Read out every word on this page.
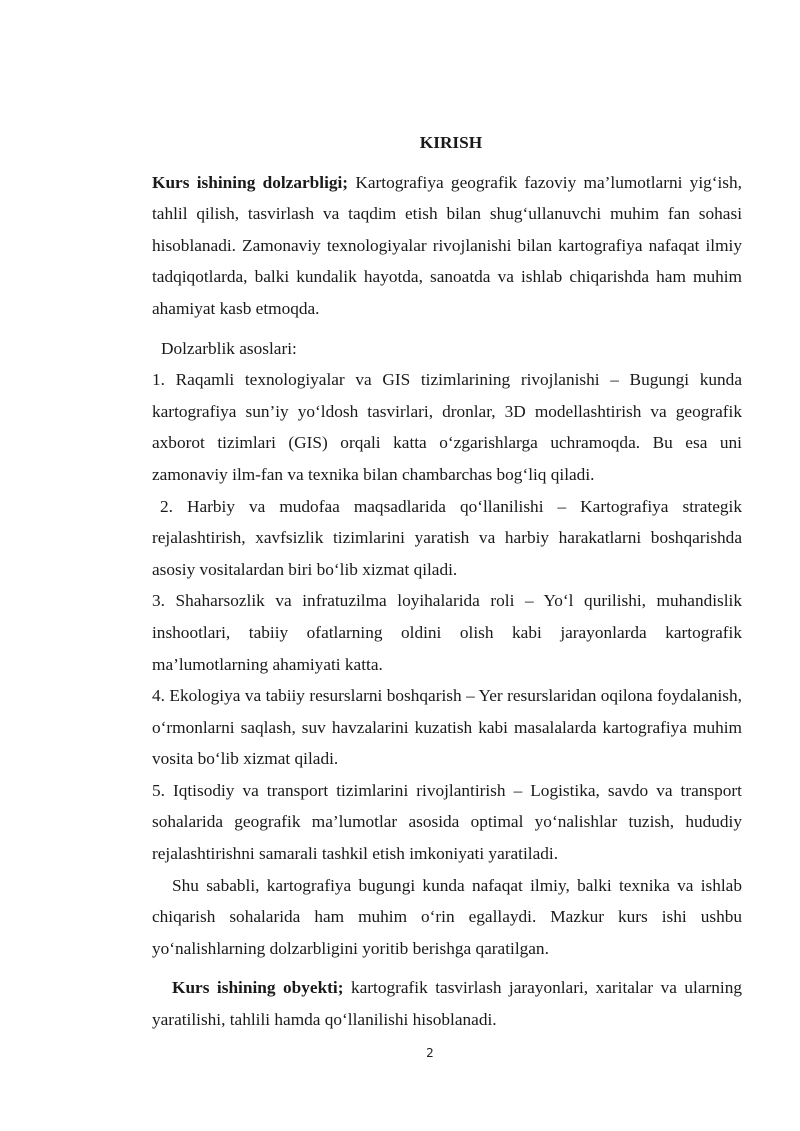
KIRISH

Kurs ishining dolzarbligi; Kartografiya geografik fazoviy ma’lumotlarni yig‘ish, tahlil qilish, tasvirlash va taqdim etish bilan shug‘ullanuvchi muhim fan sohasi hisoblanadi. Zamonaviy texnologiyalar rivojlanishi bilan kartografiya nafaqat ilmiy tadqiqotlarda, balki kundalik hayotda, sanoatda va ishlab chiqarishda ham muhim ahamiyat kasb etmoqda.

Dolzarblik asoslari:

1. Raqamli texnologiyalar va GIS tizimlarining rivojlanishi – Bugungi kunda kartografiya sun’iy yo‘ldosh tasvirlari, dronlar, 3D modellashtirish va geografik axborot tizimlari (GIS) orqali katta o‘zgarishlarga uchramoqda. Bu esa uni zamonaviy ilm-fan va texnika bilan chambarchas bog‘liq qiladi.

2. Harbiy va mudofaa maqsadlarida qo‘llanilishi – Kartografiya strategik rejalashtirish, xavfsizlik tizimlarini yaratish va harbiy harakatlarni boshqarishda asosiy vositalardan biri bo‘lib xizmat qiladi.

3. Shaharsozlik va infratuzilma loyihalarida roli – Yo‘l qurilishi, muhandislik inshootlari, tabiiy ofatlarning oldini olish kabi jarayonlarda kartografik ma’lumotlarning ahamiyati katta.

4. Ekologiya va tabiiy resurslarni boshqarish – Yer resurslaridan oqilona foydalanish, o‘rmonlarni saqlash, suv havzalarini kuzatish kabi masalalarda kartografiya muhim vosita bo‘lib xizmat qiladi.

5. Iqtisodiy va transport tizimlarini rivojlantirish – Logistika, savdo va transport sohalarida geografik ma’lumotlar asosida optimal yo‘nalishlar tuzish, hududiy rejalashtirishni samarali tashkil etish imkoniyati yaratiladi.

Shu sababli, kartografiya bugungi kunda nafaqat ilmiy, balki texnika va ishlab chiqarish sohalarida ham muhim o‘rin egallaydi. Mazkur kurs ishi ushbu yo‘nalishlarning dolzarbligini yoritib berishga qaratilgan.

Kurs ishining obyekti; kartografik tasvirlash jarayonlari, xaritalar va ularning yaratilishi, tahlili hamda qo‘llanilishi hisoblanadi.

2
